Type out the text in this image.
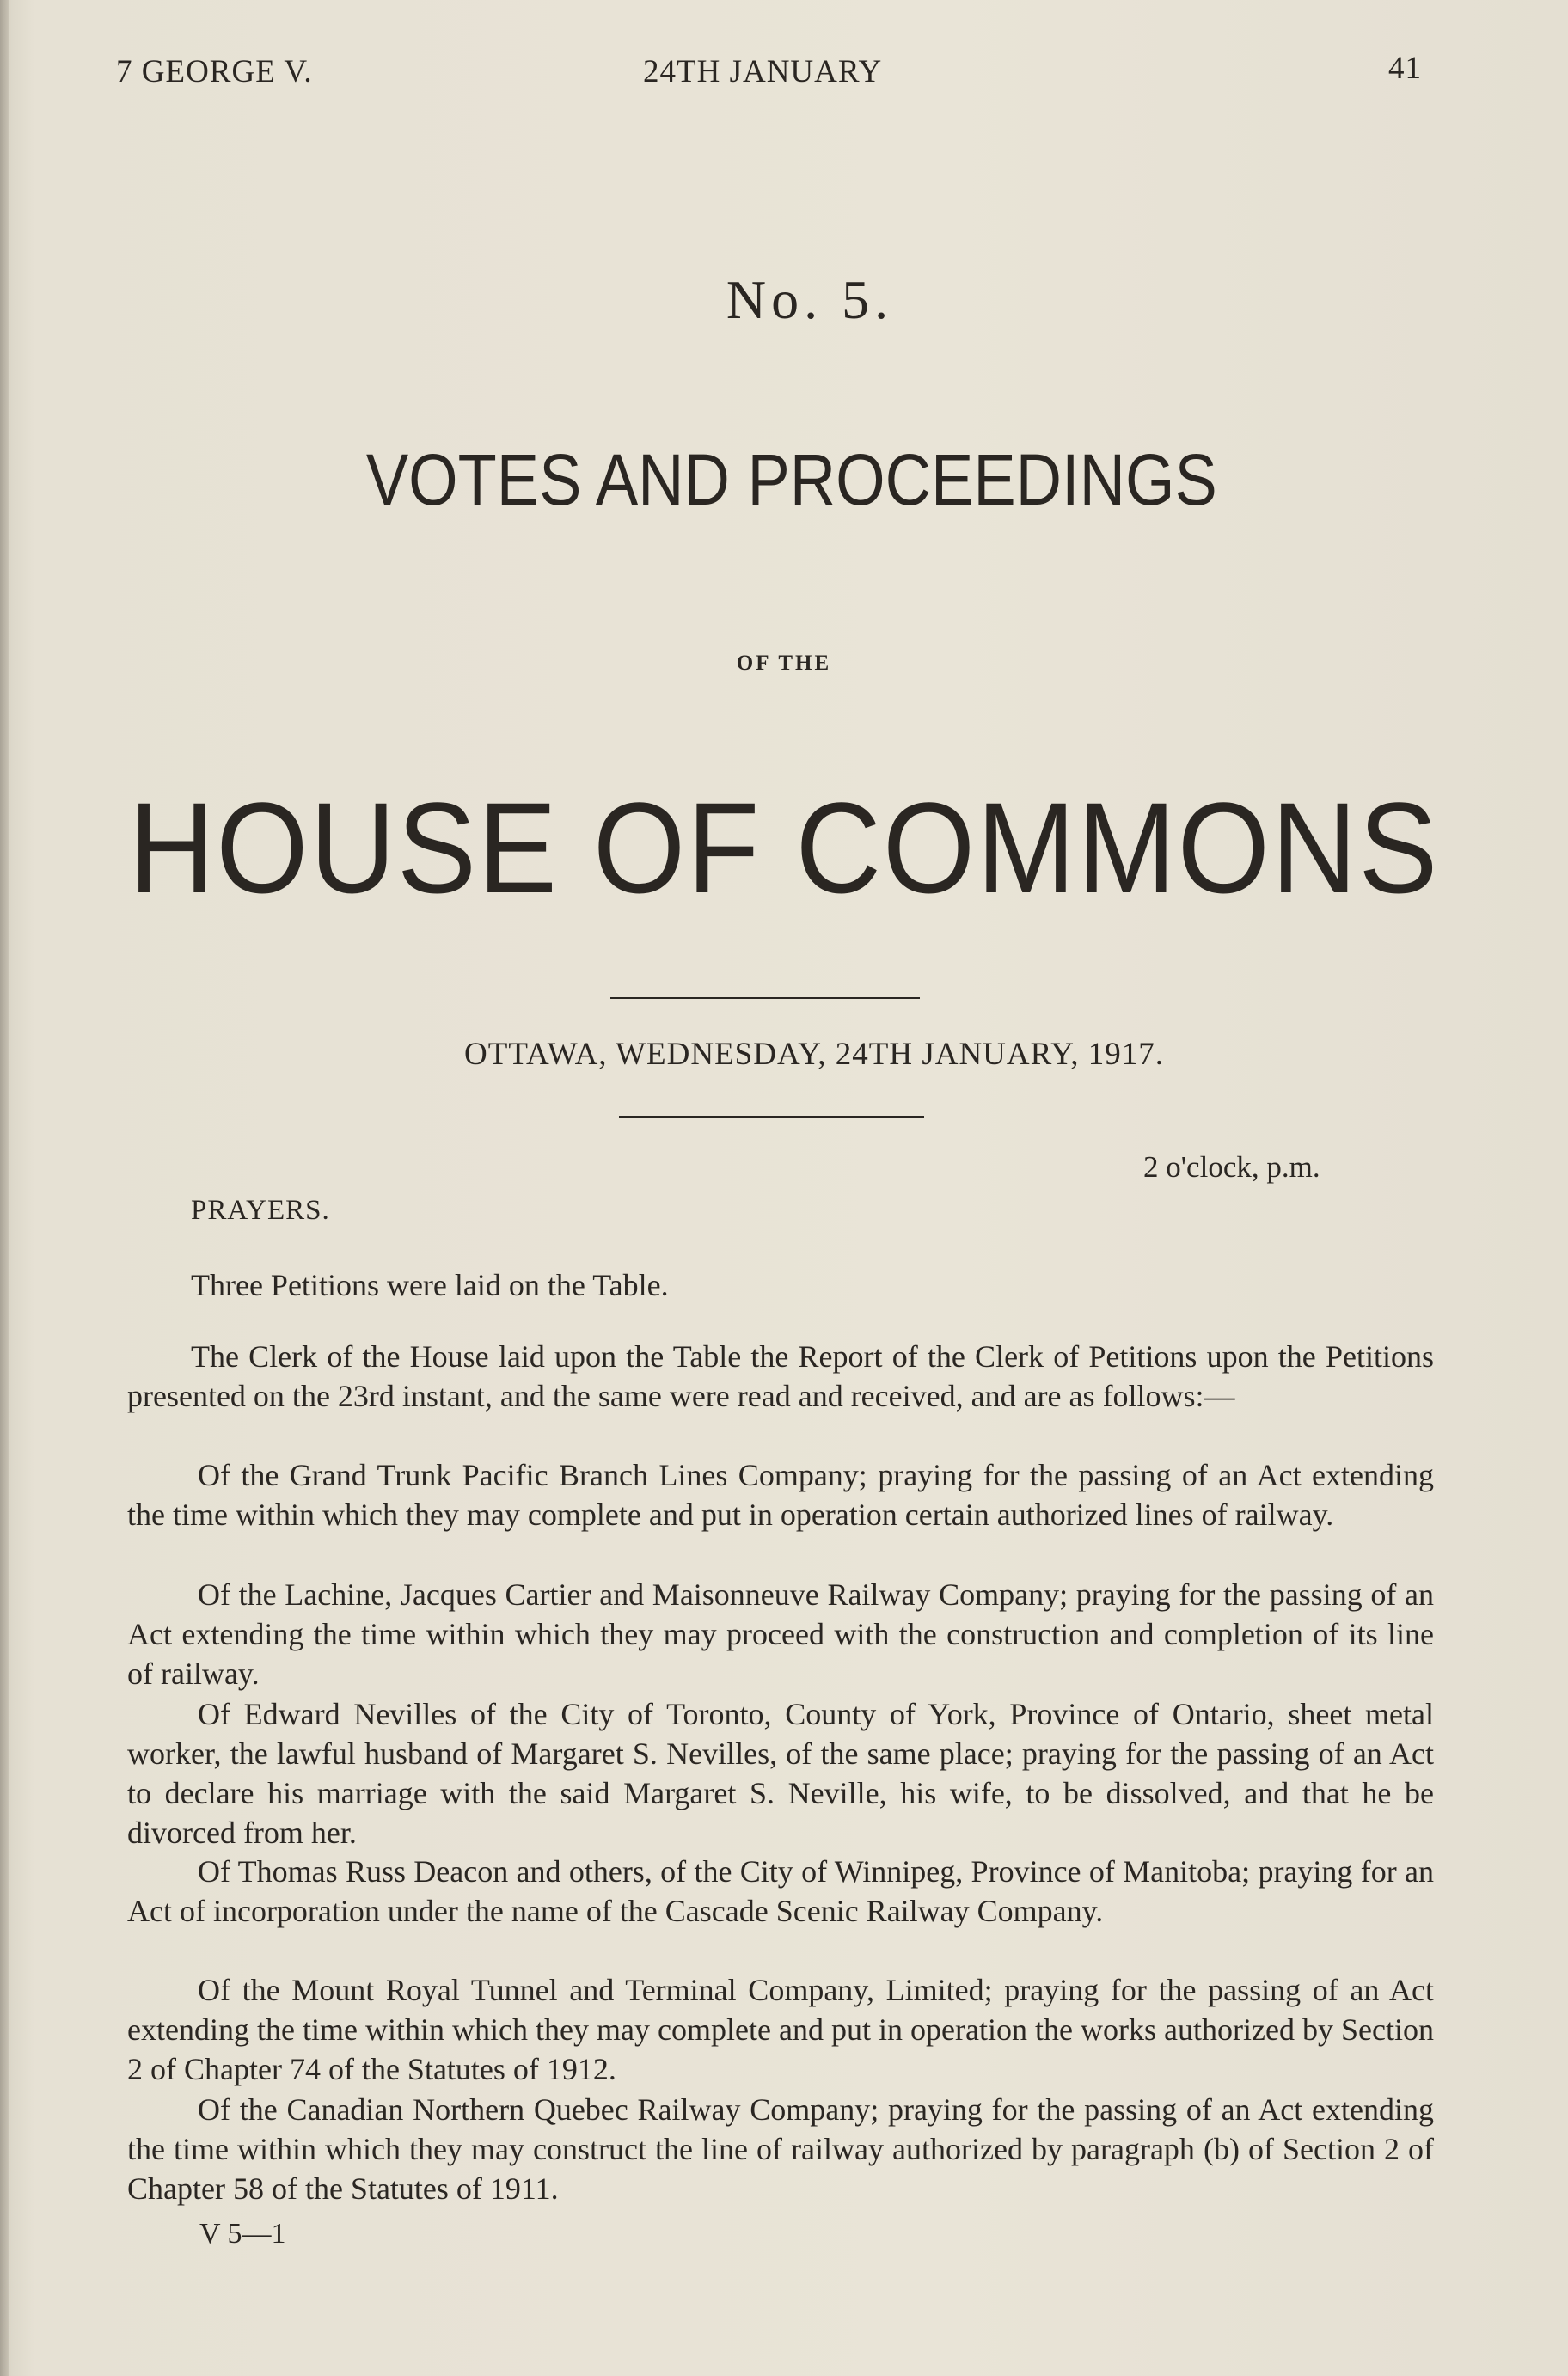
7 GEORGE V.	24TH JANUARY	41
No. 5.
VOTES AND PROCEEDINGS
OF THE
HOUSE OF COMMONS
OTTAWA, WEDNESDAY, 24TH JANUARY, 1917.
2 o'clock, p.m.
PRAYERS.
Three Petitions were laid on the Table.
The Clerk of the House laid upon the Table the Report of the Clerk of Petitions upon the Petitions presented on the 23rd instant, and the same were read and received, and are as follows:—
Of the Grand Trunk Pacific Branch Lines Company; praying for the passing of an Act extending the time within which they may complete and put in operation certain authorized lines of railway.
Of the Lachine, Jacques Cartier and Maisonneuve Railway Company; praying for the passing of an Act extending the time within which they may proceed with the construction and completion of its line of railway.
Of Edward Nevilles of the City of Toronto, County of York, Province of Ontario, sheet metal worker, the lawful husband of Margaret S. Nevilles, of the same place; praying for the passing of an Act to declare his marriage with the said Margaret S. Neville, his wife, to be dissolved, and that he be divorced from her.
Of Thomas Russ Deacon and others, of the City of Winnipeg, Province of Manitoba; praying for an Act of incorporation under the name of the Cascade Scenic Railway Company.
Of the Mount Royal Tunnel and Terminal Company, Limited; praying for the passing of an Act extending the time within which they may complete and put in operation the works authorized by Section 2 of Chapter 74 of the Statutes of 1912.
Of the Canadian Northern Quebec Railway Company; praying for the passing of an Act extending the time within which they may construct the line of railway authorized by paragraph (b) of Section 2 of Chapter 58 of the Statutes of 1911.
V 5—1
